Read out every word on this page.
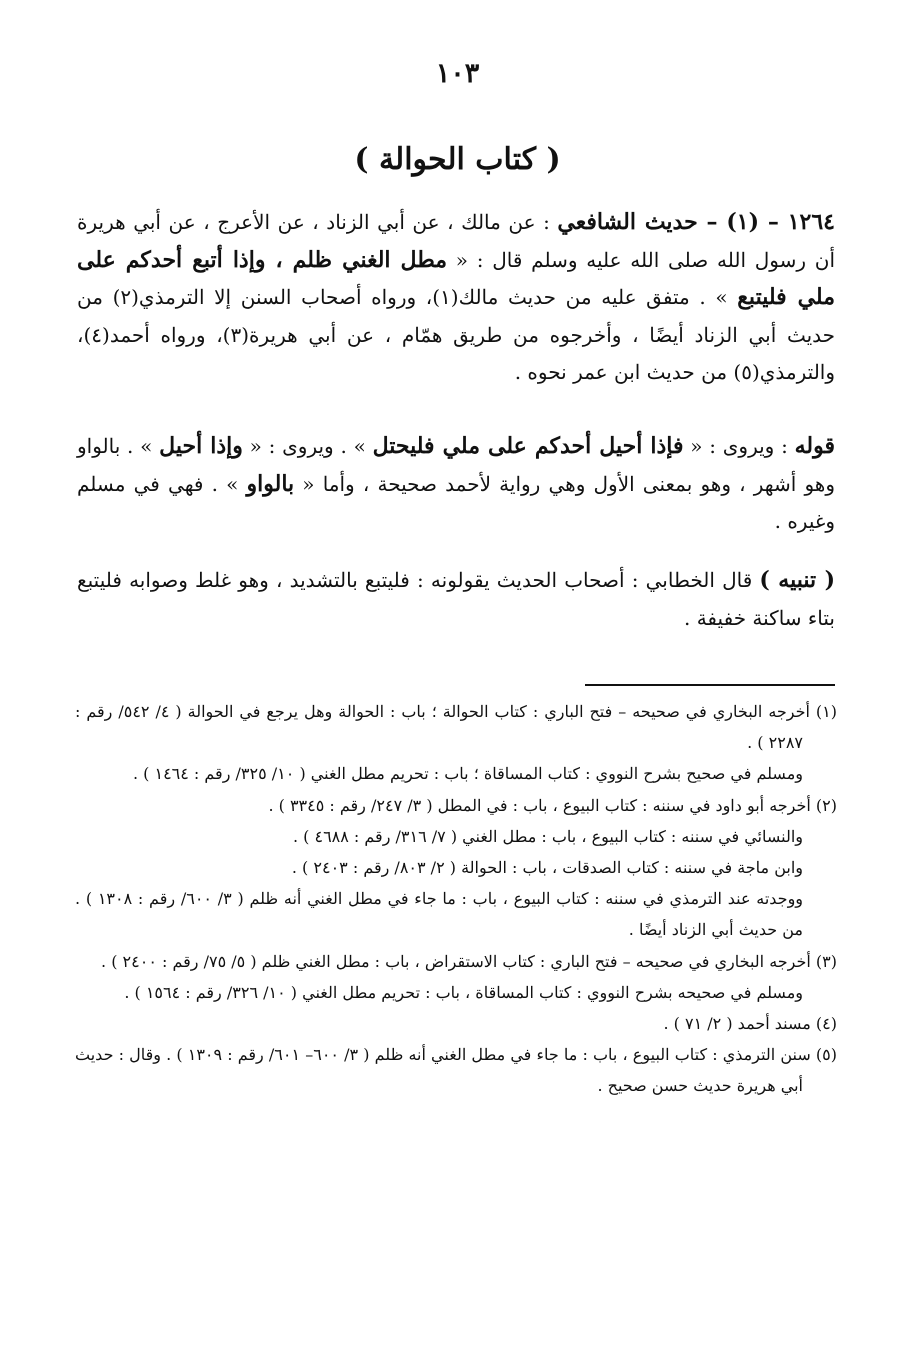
١٠٣
( كتاب الحوالة )

١٢٦٤ – (١) – حديث الشافعي : عن مالك ، عن أبي الزناد ، عن الأعرج ، عن أبي هريرة أن رسول الله صلى الله عليه وسلم قال : « مطل الغني ظلم ، وإذا أتبع أحدكم على ملي فليتبع » . متفق عليه من حديث مالك(١)، ورواه أصحاب السنن إلا الترمذي(٢) من حديث أبي الزناد أيضًا ، وأخرجوه من طريق همّام ، عن أبي هريرة(٣)، ورواه أحمد(٤)، والترمذي(٥) من حديث ابن عمر نحوه .

قوله : ويروى : « فإذا أحيل أحدكم على ملي فليحتل » . ويروى : « وإذا أحيل » . بالواو وهو أشهر ، وهو بمعنى الأول وهي رواية لأحمد صحيحة ، وأما « بالواو » . فهي في مسلم وغيره .

( تنبيه ) قال الخطابي : أصحاب الحديث يقولونه : فليتبع بالتشديد ، وهو غلط وصوابه فليتبع بتاء ساكنة خفيفة .

(١) أخرجه البخاري في صحيحه – فتح الباري : كتاب الحوالة ؛ باب : الحوالة وهل يرجع في الحوالة ( ٤/ ٥٤٢/ رقم : ٢٢٨٧ ) .

ومسلم في صحيح بشرح النووي : كتاب المساقاة ؛ باب : تحريم مطل الغني ( ١٠/ ٣٢٥/ رقم : ١٤٦٤ ) .

(٢) أخرجه أبو داود في سننه : كتاب البيوع ، باب : في المطل ( ٣/ ٢٤٧/ رقم : ٣٣٤٥ ) .

والنسائي في سننه : كتاب البيوع ، باب : مطل الغني ( ٧/ ٣١٦/ رقم : ٤٦٨٨ ) .

وابن ماجة في سننه : كتاب الصدقات ، باب : الحوالة ( ٢/ ٨٠٣/ رقم : ٢٤٠٣ ) .

ووجدته عند الترمذي في سننه : كتاب البيوع ، باب : ما جاء في مطل الغني أنه ظلم ( ٣/ ٦٠٠/ رقم : ١٣٠٨ ) . من حديث أبي الزناد أيضًا .

(٣) أخرجه البخاري في صحيحه – فتح الباري : كتاب الاستقراض ، باب : مطل الغني ظلم ( ٥/ ٧٥/ رقم : ٢٤٠٠ ) .

ومسلم في صحيحه بشرح النووي : كتاب المساقاة ، باب : تحريم مطل الغني ( ١٠/ ٣٢٦/ رقم : ١٥٦٤ ) .

(٤) مسند أحمد ( ٢/ ٧١ ) .

(٥) سنن الترمذي : كتاب البيوع ، باب : ما جاء في مطل الغني أنه ظلم ( ٣/ ٦٠٠– ٦٠١/ رقم : ١٣٠٩ ) . وقال : حديث أبي هريرة حديث حسن صحيح .
